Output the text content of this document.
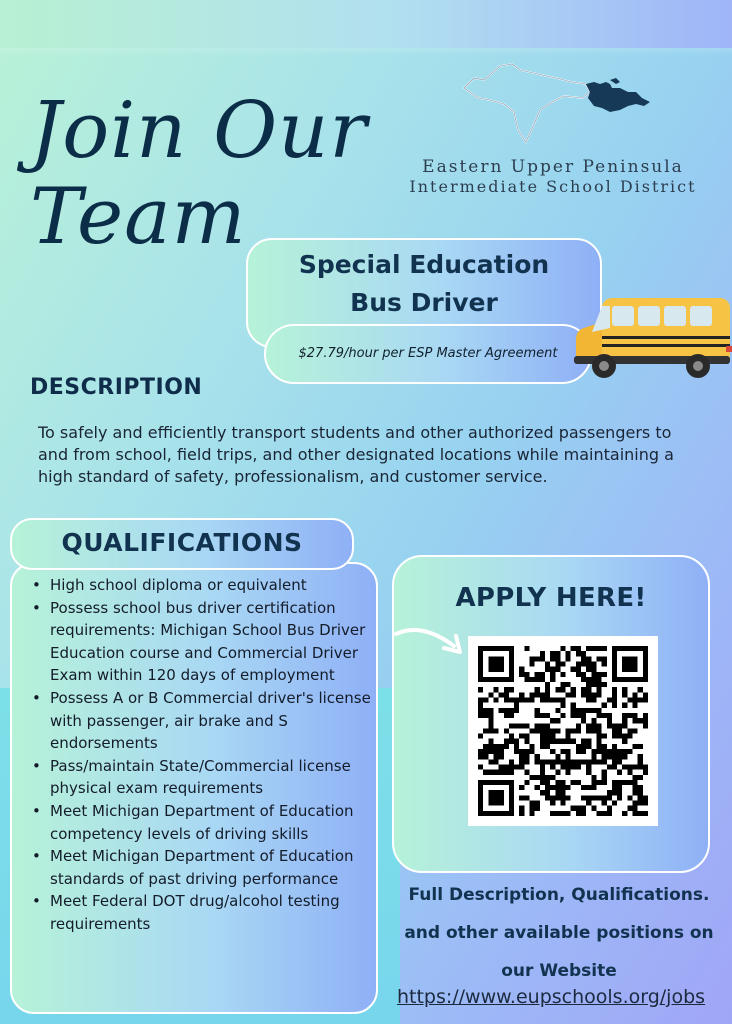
Join Our
Team
Eastern Upper Peninsula
Intermediate School District
Special Education
Bus Driver
$27.79/hour per ESP Master Agreement
DESCRIPTION
To safely and efficiently transport students and other authorized passengers to and from school, field trips, and other designated locations while maintaining a high standard of safety, professionalism, and customer service.
• High school diploma or equivalent
• Possess school bus driver certification requirements: Michigan School Bus Driver Education course and Commercial Driver Exam within 120 days of employment
• Possess A or B Commercial driver's license with passenger, air brake and S endorsements
• Pass/maintain State/Commercial license physical exam requirements
• Meet Michigan Department of Education competency levels of driving skills
• Meet Michigan Department of Education standards of past driving performance
• Meet Federal DOT drug/alcohol testing requirements
QUALIFICATIONS
APPLY HERE!
Full Description, Qualifications.
and other available positions on
our Website
https://www.eupschools.org/jobs
